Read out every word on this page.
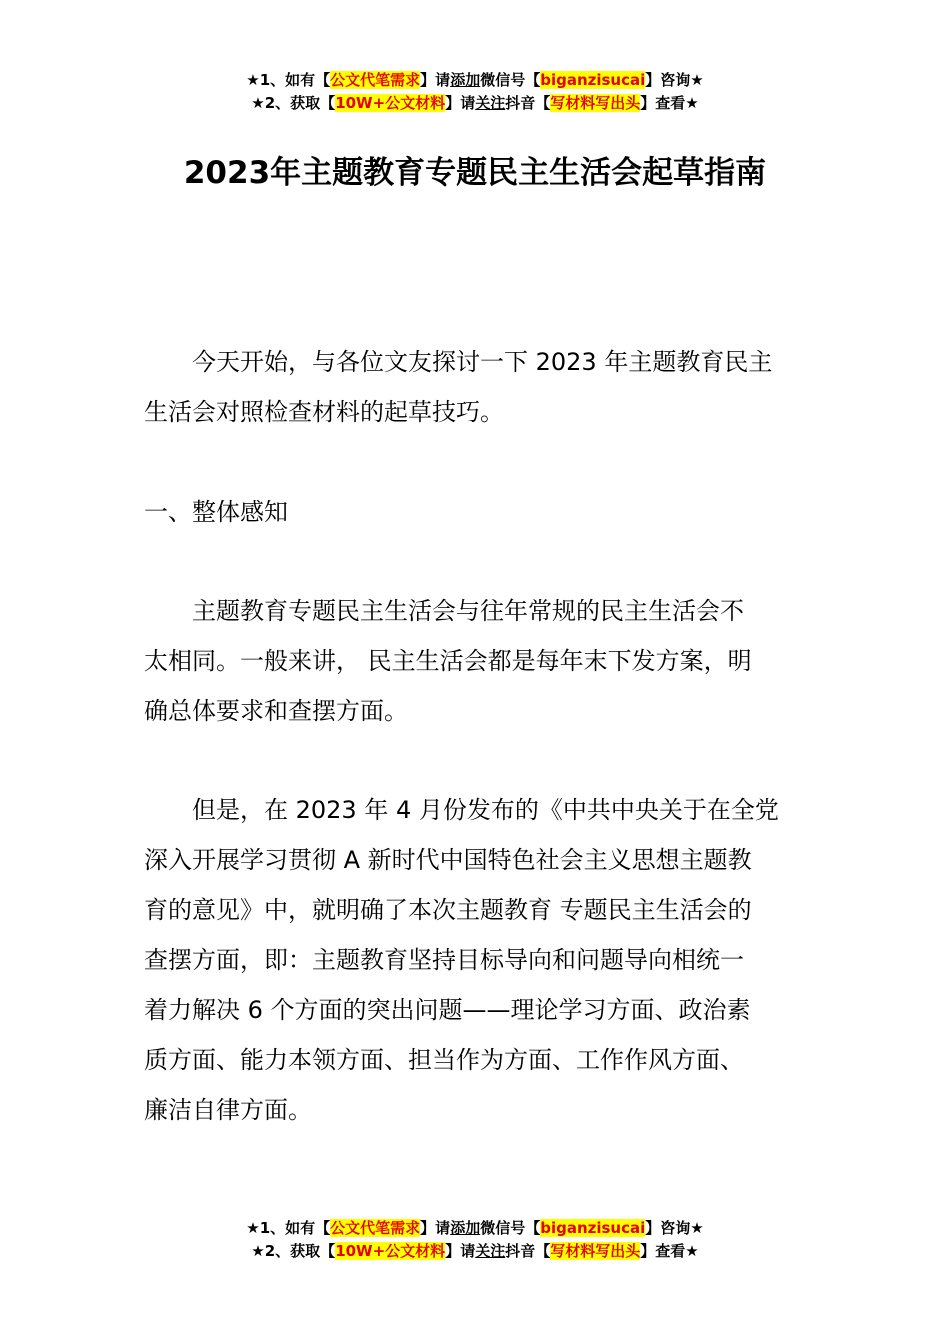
★1、如有【公文代笔需求】请添加微信号【biganzisucai】咨询★
★2、获取【10W+公文材料】请关注抖音【写材料写出头】查看★
2023年主题教育专题民主生活会起草指南
今天开始，与各位文友探讨一下 2023 年主题教育民主
生活会对照检查材料的起草技巧。
一、整体感知
主题教育专题民主生活会与往年常规的民主生活会不
太相同。一般来讲， 民主生活会都是每年末下发方案，明
确总体要求和查摆方面。
但是，在 2023 年 4 月份发布的《中共中央关于在全党
深入开展学习贯彻 A 新时代中国特色社会主义思想主题教
育的意见》中，就明确了本次主题教育 专题民主生活会的
查摆方面，即：主题教育坚持目标导向和问题导向相统一
着力解决 6 个方面的突出问题——理论学习方面、政治素
质方面、能力本领方面、担当作为方面、工作作风方面、
廉洁自律方面。
★1、如有【公文代笔需求】请添加微信号【biganzisucai】咨询★
★2、获取【10W+公文材料】请关注抖音【写材料写出头】查看★
